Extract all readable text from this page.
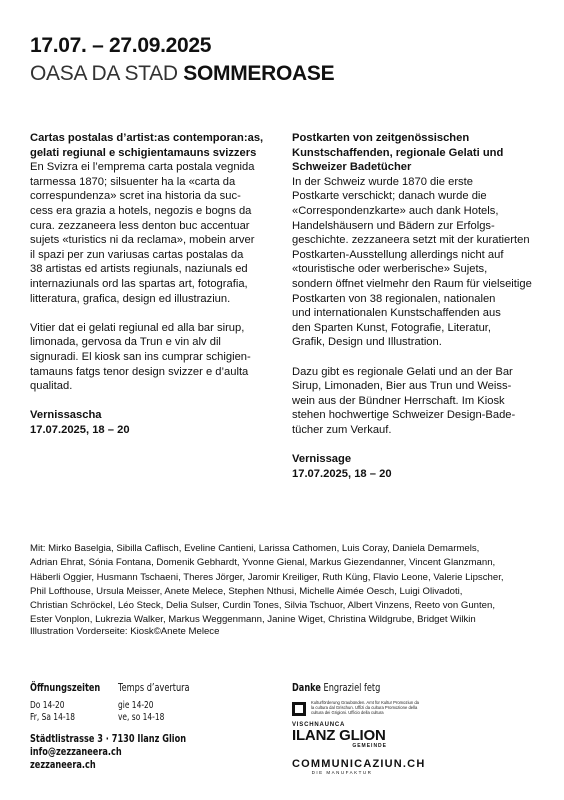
17.07. – 27.09.2025
OASA DA STAD SOMMEROASE
Cartas postalas d’artist:as contemporan:as, gelati regiunal e schigientamauns svizzers

En Svizra ei l’emprema carta postala vegnida
tarmessa 1870; silsuenter ha la «carta da
correspundenza» scret ina historia da suc-
cess era grazia a hotels, negozis e bogns da
cura. zezzaneera less denton buc accentuar
sujets «turistics ni da reclama», mobein arver
il spazi per zun variusas cartas postalas da
38 artistas ed artists regiunals, naziunals ed
internaziunals ord las spartas art, fotografia,
litteratura, grafica, design ed illustraziun.

Vitier dat ei gelati regiunal ed alla bar sirup,
limonada, gervosa da Trun e vin alv dil
signuradi. El kiosk san ins cumprar schigien-
tamauns fatgs tenor design svizzer e d’aulta
qualitad.

Vernissascha
17.07.2025, 18 – 20
Postkarten von zeitgenössischen Kunstschaffenden, regionale Gelati und Schweizer Badetücher

In der Schweiz wurde 1870 die erste
Postkarte verschickt; danach wurde die
«Correspondenzkarte» auch dank Hotels,
Handelshäusern und Bädern zur Erfolgs-
geschichte. zezzaneera setzt mit der kuratierten
Postkarten-Ausstellung allerdings nicht auf
«touristische oder werberische» Sujets,
sondern öffnet vielmehr den Raum für vielseitige
Postkarten von 38 regionalen, nationalen
und internationalen Kunstschaffenden aus
den Sparten Kunst, Fotografie, Literatur,
Grafik, Design und Illustration.

Dazu gibt es regionale Gelati und an der Bar
Sirup, Limonaden, Bier aus Trun und Weiss-
wein aus der Bündner Herrschaft. Im Kiosk
stehen hochwertige Schweizer Design-Bade-
tücher zum Verkauf.

Vernissage
17.07.2025, 18 – 20
Mit: Mirko Baselgia, Sibilla Caflisch, Eveline Cantieni, Larissa Cathomen, Luis Coray, Daniela Demarmels,
Adrian Ehrat, Sónia Fontana, Domenik Gebhardt, Yvonne Gienal, Markus Giezendanner, Vincent Glanzmann,
Häberli Oggier, Husmann Tschaeni, Theres Jörger, Jaromir Kreiliger, Ruth Küng, Flavio Leone, Valerie Lipscher,
Phil Lofthouse, Ursula Meisser, Anete Melece, Stephen Nthusi, Michelle Aimée Oesch, Luigi Olivadoti,
Christian Schröckel, Léo Steck, Delia Sulser, Curdin Tones, Silvia Tschuor, Albert Vinzens, Reeto von Gunten,
Ester Vonplon, Lukrezia Walker, Markus Weggenmann, Janine Wiget, Christina Wildgrube, Bridget Wilkin
Illustration Vorderseite: Kiosk©Anete Melece
Öffnungszeiten
Do 14-20
Fr, Sa 14-18
Temps d’avertura
gie 14-20
ve, so 14-18
Städtlistrasse 3 · 7130 Ilanz Glion
info@zezzaneera.ch
zezzaneera.ch
Danke Engraziel fetg
Kulturförderung Graubünden. Amt für Kultur Promoziun da la cultura dal Grischun. Uffizi da cultura Promozione della cultura dei Grigioni. Ufficio della cultura
VISCHNAUNCA
ILANZ GLION
GEMEINDE
COMMUNICAZIUN.CH
DIE MANUFAKTUR
